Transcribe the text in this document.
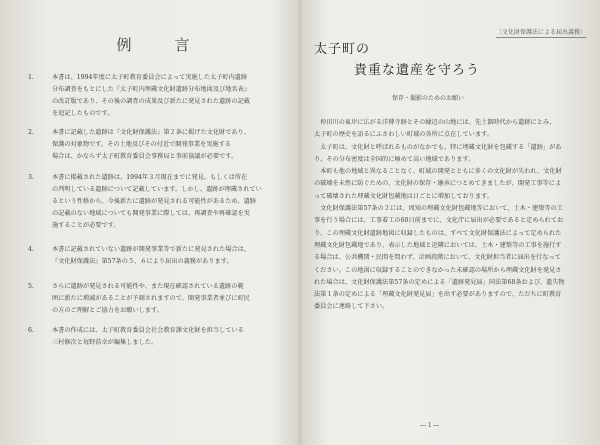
例　言
1.	本書は、1994年度に太子町教育委員会によって実施した太子町内遺跡
分布調査をもとにした『太子町内埋蔵文化財遺跡分布地図及び地名表』
の改訂版であり、その後の調査の成果及び新たに発見された遺跡の記載
を追記したものです。
2.	本書に記載した遺跡は『文化財保護法』第２条に掲げた文化財であり、
保護の対象物です。その土地及びその付近で開発事業を実施する
場合は、かならず太子町教育委員会事務局と事前協議が必要です。
3.	本書に掲載された遺跡は、1994年３月現在までに発見、もしくは所在
の判明している遺跡について記載しています。しかし、遺跡が埋蔵されてい
るという性格から、今後新たに遺跡が発見される可能性があるため、遺跡
の記載のない地域についても開発事業に際しては、再調査や再確認を実
施することが必要です。
4.	本書に記載されていない遺跡が開発事業等で新たに発見された場合は、
『文化財保護法』第57条の５、６により届出の義務があります。
5.	さらに遺跡が発見される可能性や、また現在確認されている遺跡の範
囲に新たに増減があることが予測されますので、開発事業者並びに町民
の方のご理解とご協力をお願いします。
6.	本書の作成には、太子町教育委員会社会教育課文化財を担当している
三村修次と毎野浩幸が編集しました。
〔文化財保護法による届出義務〕
太子町の
貴重な遺産を守ろう
保存・撮影のためのお願い
　仲田川の東岸に広がる洋傳寺跡とその縁辺の山地には、先土器時代から遺跡にとみ、
太子町の歴史を語るにふさわしい町域の各所に点在しています。
　太子町は、文化財と呼ばれるものがなかでも、特に埋蔵文化財を包蔵する「遺跡」があ
り、その分布密度は全国的に極めて高い地域であります。
　本町も他の地域と異なることなく、町域の開発とともに多くの文化財が失われ、文化財
の破壊を未然に防ぐための、文化財の保存・継承につとめてきましたが、開発工事等によ
って破壊された埋蔵文化財包蔵地は日ごとに増加しております。
　文化財保護法第57条の２には、周知の埋蔵文化財包蔵地等において、土木・建築等の工
事を行う場合には、工事着工の60日前までに、文化庁に届出が必要であると定められてお
り、この埋蔵文化財遺跡地図に収録したものは、すべて文化財保護法によって定められた
埋蔵文化財包蔵地であり、表示した地域と近隣においては、土木・建築等の工事を施行す
る場合は、公共機関・民間を問わず、計画段階において、文化財担当者に届出を行なって
ください。この地図に収録することのできなかった未確認の場所から埋蔵文化財を発見さ
れた場合は、文化財保護法第57条の定めによる「遺跡発見届」同法第68条および、遺失物
法第１条の定めによる「埋蔵文化財発見届」を出す必要がありますので、ただちに町教育
委員会に連絡して下さい。
—１—
